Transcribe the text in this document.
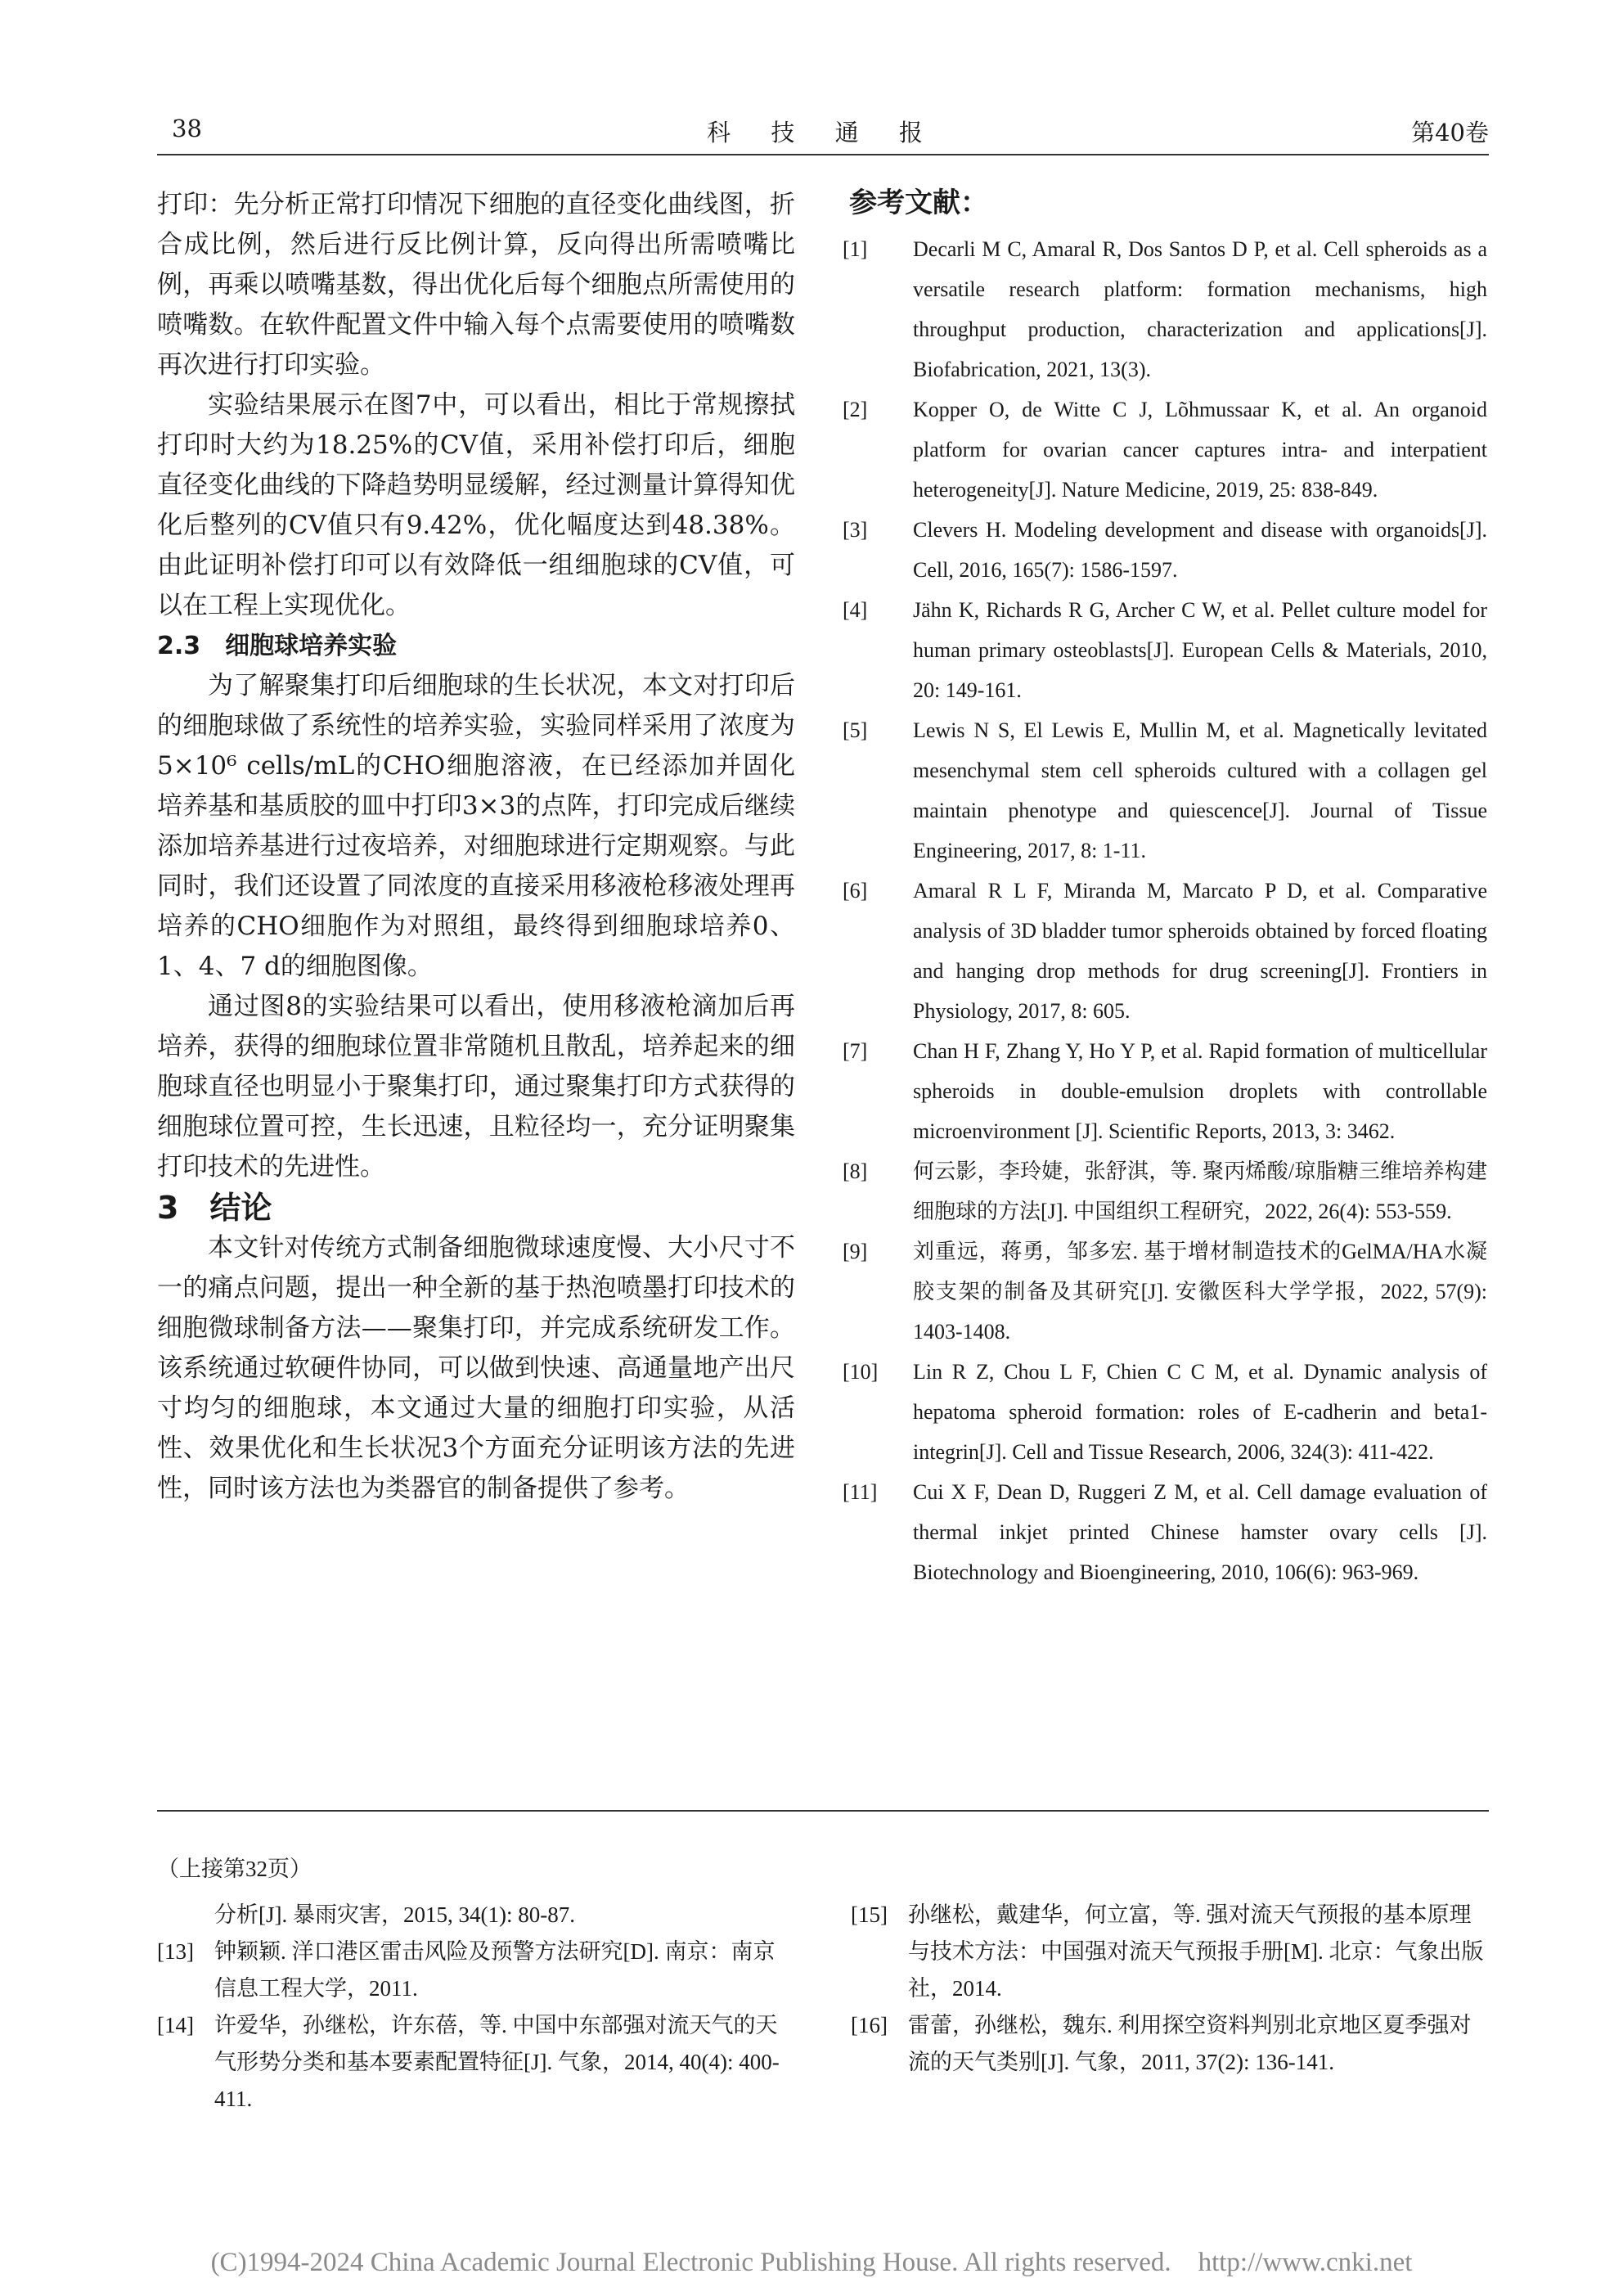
38	科 技 通 报	第40卷

打印：先分析正常打印情况下细胞的直径变化曲线图，折合成比例，然后进行反比例计算，反向得出所需喷嘴比例，再乘以喷嘴基数，得出优化后每个细胞点所需使用的喷嘴数。在软件配置文件中输入每个点需要使用的喷嘴数再次进行打印实验。

实验结果展示在图7中，可以看出，相比于常规擦拭打印时大约为18.25%的CV值，采用补偿打印后，细胞直径变化曲线的下降趋势明显缓解，经过测量计算得知优化后整列的CV值只有9.42%，优化幅度达到48.38%。由此证明补偿打印可以有效降低一组细胞球的CV值，可以在工程上实现优化。

2.3　细胞球培养实验

为了解聚集打印后细胞球的生长状况，本文对打印后的细胞球做了系统性的培养实验，实验同样采用了浓度为5×10⁶ cells/mL的CHO细胞溶液，在已经添加并固化培养基和基质胶的皿中打印3×3的点阵，打印完成后继续添加培养基进行过夜培养，对细胞球进行定期观察。与此同时，我们还设置了同浓度的直接采用移液枪移液处理再培养的CHO细胞作为对照组，最终得到细胞球培养0、1、4、7 d的细胞图像。

通过图8的实验结果可以看出，使用移液枪滴加后再培养，获得的细胞球位置非常随机且散乱，培养起来的细胞球直径也明显小于聚集打印，通过聚集打印方式获得的细胞球位置可控，生长迅速，且粒径均一，充分证明聚集打印技术的先进性。

3　结论

本文针对传统方式制备细胞微球速度慢、大小尺寸不一的痛点问题，提出一种全新的基于热泡喷墨打印技术的细胞微球制备方法——聚集打印，并完成系统研发工作。该系统通过软硬件协同，可以做到快速、高通量地产出尺寸均匀的细胞球，本文通过大量的细胞打印实验，从活性、效果优化和生长状况3个方面充分证明该方法的先进性，同时该方法也为类器官的制备提供了参考。

参考文献：
[1]	Decarli M C, Amaral R, Dos Santos D P, et al. Cell spheroids as a versatile research platform: formation mechanisms, high throughput production, characterization and applications[J]. Biofabrication, 2021, 13(3).
[2]	Kopper O, de Witte C J, Lõhmussaar K, et al. An organoid platform for ovarian cancer captures intra- and interpatient heterogeneity[J]. Nature Medicine, 2019, 25: 838-849.
[3]	Clevers H. Modeling development and disease with organoids[J]. Cell, 2016, 165(7): 1586-1597.
[4]	Jähn K, Richards R G, Archer C W, et al. Pellet culture model for human primary osteoblasts[J]. European Cells & Materials, 2010, 20: 149-161.
[5]	Lewis N S, El Lewis E, Mullin M, et al. Magnetically levitated mesenchymal stem cell spheroids cultured with a collagen gel maintain phenotype and quiescence[J]. Journal of Tissue Engineering, 2017, 8: 1-11.
[6]	Amaral R L F, Miranda M, Marcato P D, et al. Comparative analysis of 3D bladder tumor spheroids obtained by forced floating and hanging drop methods for drug screening[J]. Frontiers in Physiology, 2017, 8: 605.
[7]	Chan H F, Zhang Y, Ho Y P, et al. Rapid formation of multicellular spheroids in double-emulsion droplets with controllable microenvironment [J]. Scientific Reports, 2013, 3: 3462.
[8]	何云影，李玲婕，张舒淇，等. 聚丙烯酸/琼脂糖三维培养构建细胞球的方法[J]. 中国组织工程研究，2022, 26(4): 553-559.
[9]	刘重远，蒋勇，邹多宏. 基于增材制造技术的GelMA/HA水凝胶支架的制备及其研究[J]. 安徽医科大学学报，2022, 57(9): 1403-1408.
[10]	Lin R Z, Chou L F, Chien C C M, et al. Dynamic analysis of hepatoma spheroid formation: roles of E-cadherin and beta1-integrin[J]. Cell and Tissue Research, 2006, 324(3): 411-422.
[11]	Cui X F, Dean D, Ruggeri Z M, et al. Cell damage evaluation of thermal inkjet printed Chinese hamster ovary cells [J]. Biotechnology and Bioengineering, 2010, 106(6): 963-969.
（上接第32页）
分析[J]. 暴雨灾害，2015, 34(1): 80-87.
[13] 钟颖颖. 洋口港区雷击风险及预警方法研究[D]. 南京：南京信息工程大学，2011.
[14] 许爱华，孙继松，许东蓓，等. 中国中东部强对流天气的天气形势分类和基本要素配置特征[J]. 气象，2014, 40(4): 400-411.
[15] 孙继松，戴建华，何立富，等. 强对流天气预报的基本原理与技术方法：中国强对流天气预报手册[M]. 北京：气象出版社，2014.
[16] 雷蕾，孙继松，魏东. 利用探空资料判别北京地区夏季强对流的天气类别[J]. 气象，2011, 37(2): 136-141.
(C)1994-2024 China Academic Journal Electronic Publishing House. All rights reserved.　http://www.cnki.net
